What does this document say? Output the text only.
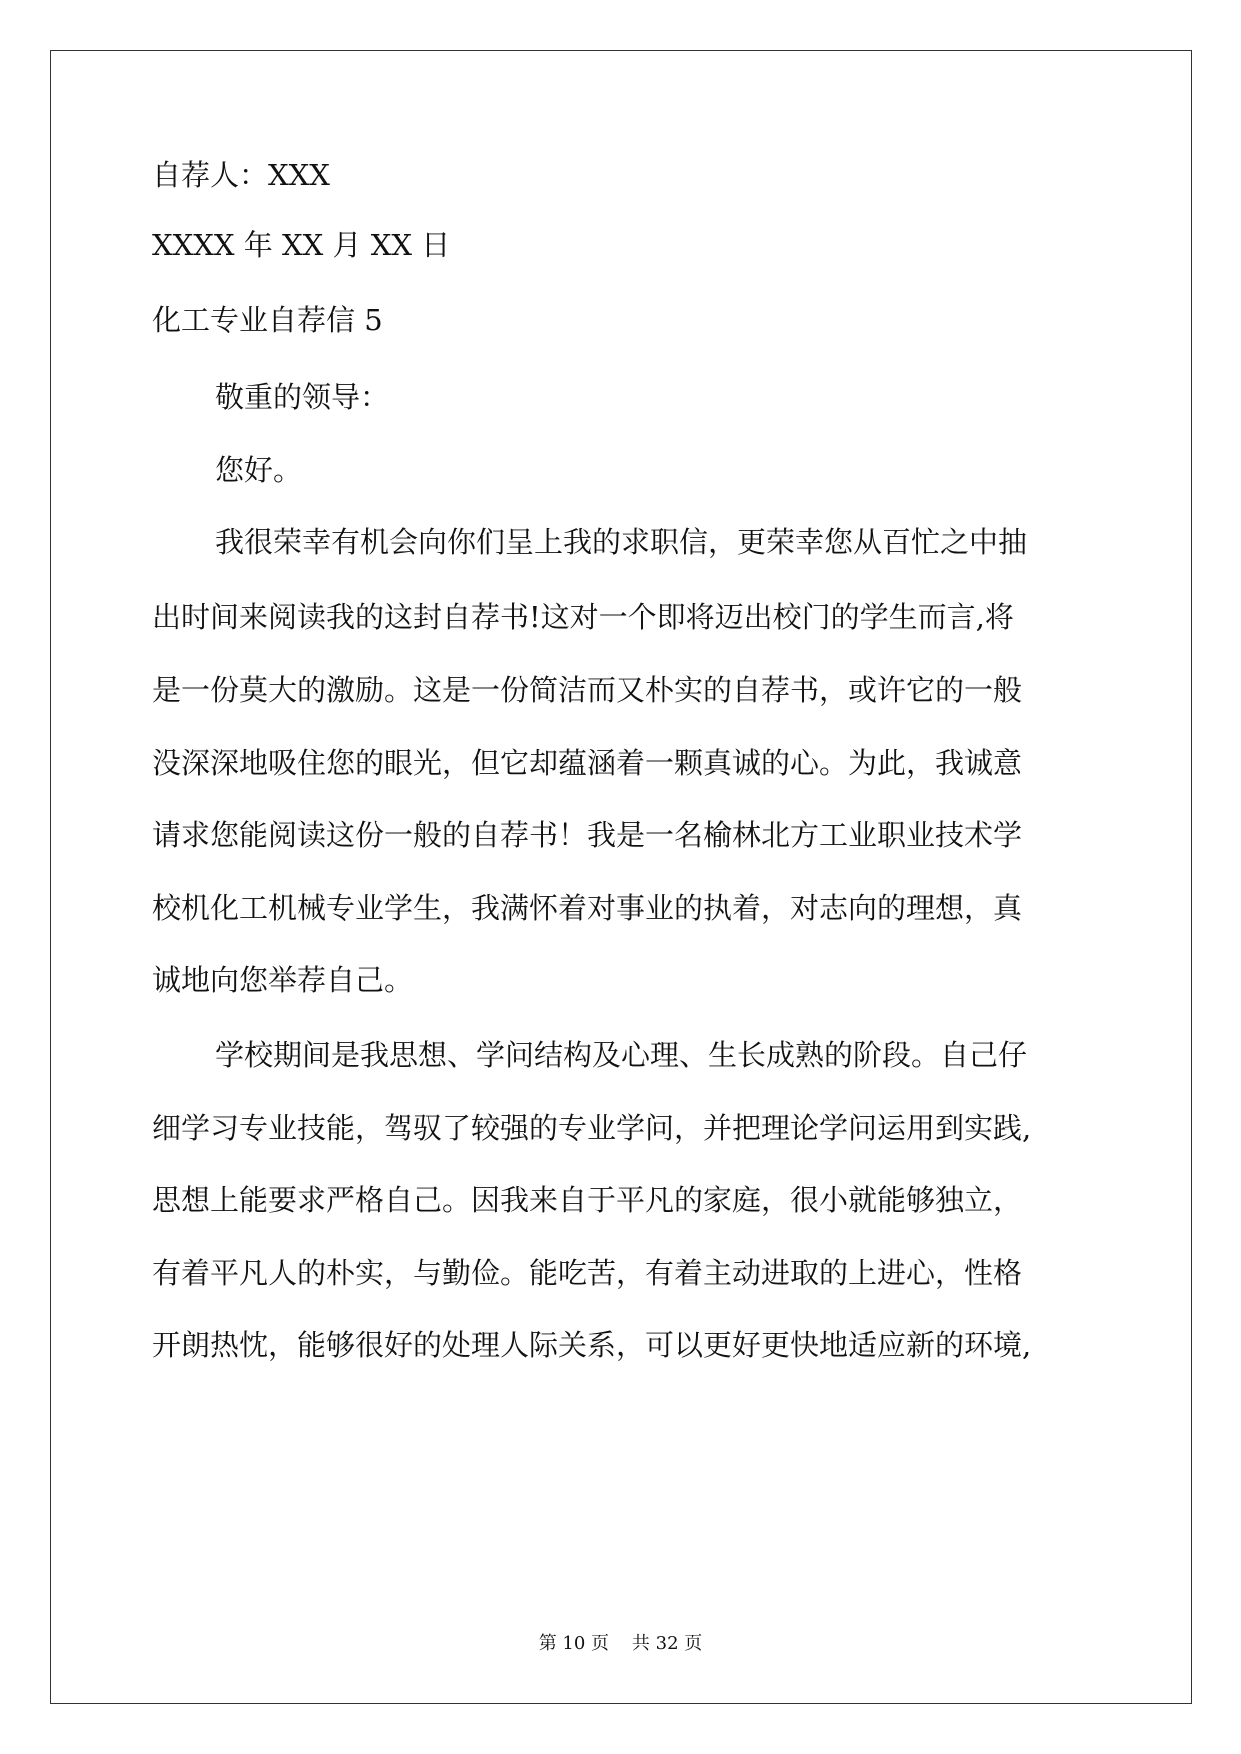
自荐人：XXX
XXXX 年 XX 月 XX 日
化工专业自荐信 5
敬重的领导：
您好。
我很荣幸有机会向你们呈上我的求职信，更荣幸您从百忙之中抽
出时间来阅读我的这封自荐书!这对一个即将迈出校门的学生而言,将
是一份莫大的激励。这是一份简洁而又朴实的自荐书，或许它的一般
没深深地吸住您的眼光，但它却蕴涵着一颗真诚的心。为此，我诚意
请求您能阅读这份一般的自荐书！我是一名榆林北方工业职业技术学
校机化工机械专业学生，我满怀着对事业的执着，对志向的理想，真
诚地向您举荐自己。
学校期间是我思想、学问结构及心理、生长成熟的阶段。自己仔
细学习专业技能，驾驭了较强的专业学问，并把理论学问运用到实践,
思想上能要求严格自己。因我来自于平凡的家庭，很小就能够独立，
有着平凡人的朴实，与勤俭。能吃苦，有着主动进取的上进心，性格
开朗热忱，能够很好的处理人际关系，可以更好更快地适应新的环境,
第 10 页    共 32 页
